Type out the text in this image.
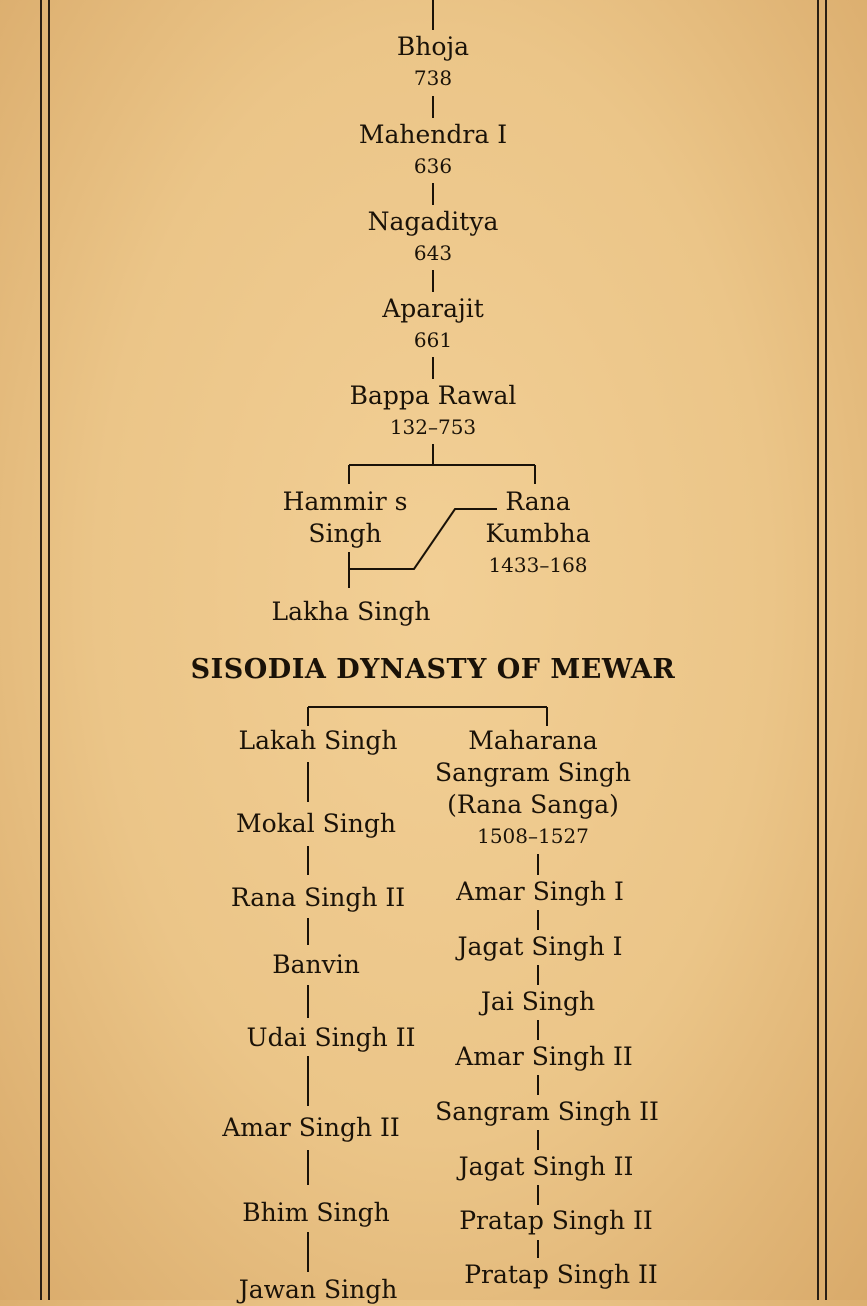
Bhoja
738
Mahendra I
636
Nagaditya
643
Aparajit
661
Bappa Rawal
132–753
Hammir s
Singh
Rana
Kumbha
1433–168
Lakha Singh
SISODIA DYNASTY OF MEWAR
Lakah Singh
Mokal Singh
Rana Singh II
Banvin
Udai Singh II
Amar Singh II
Bhim Singh
Jawan Singh
Maharana
Sangram Singh
(Rana Sanga)
1508–1527
Amar Singh I
Jagat Singh I
Jai Singh
Amar Singh II
Sangram Singh II
Jagat Singh II
Pratap Singh II
Pratap Singh II
